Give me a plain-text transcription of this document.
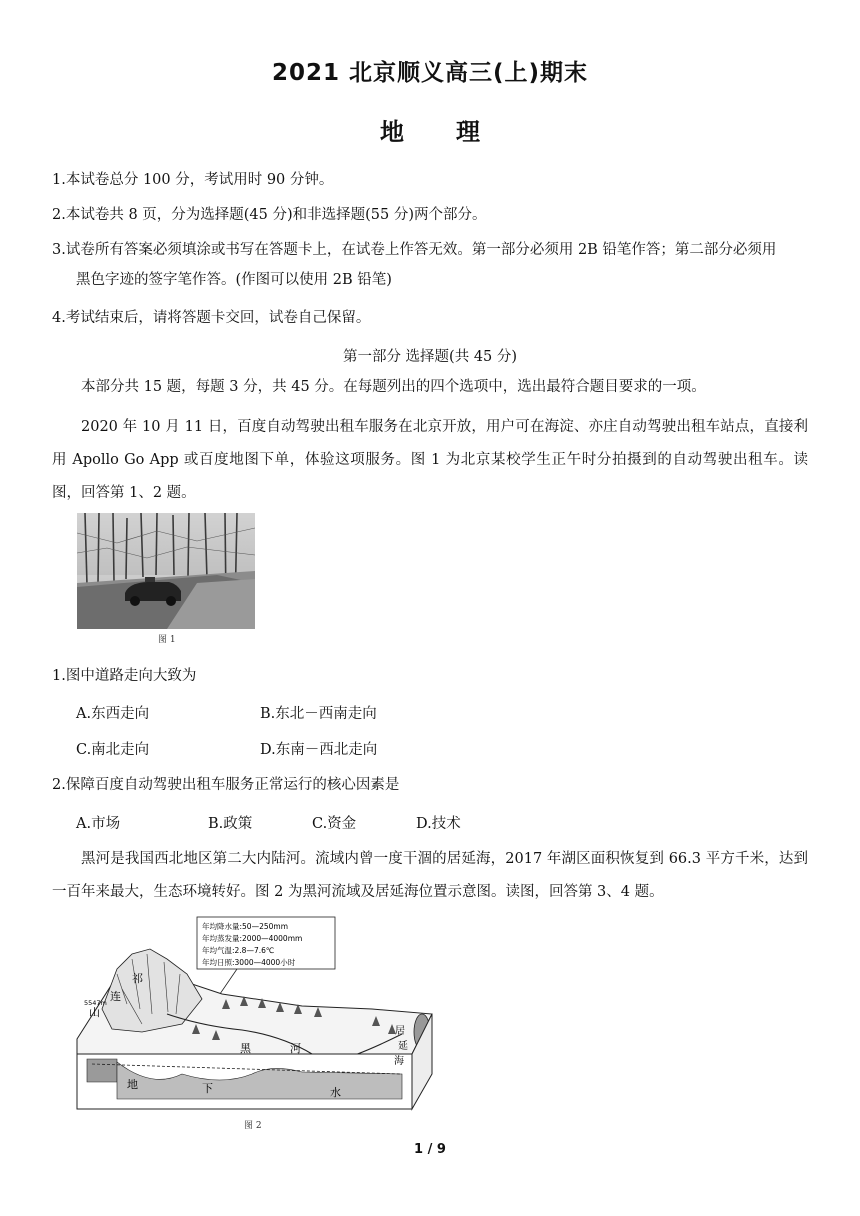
2021 北京顺义高三(上)期末
地理
1.本试卷总分 100 分，考试用时 90 分钟。
2.本试卷共 8 页，分为选择题(45 分)和非选择题(55 分)两个部分。
3.试卷所有答案必须填涂或书写在答题卡上，在试卷上作答无效。第一部分必须用 2B 铅笔作答；第二部分必须用
黑色字迹的签字笔作答。(作图可以使用 2B 铅笔)
4.考试结束后，请将答题卡交回，试卷自己保留。
第一部分 选择题(共 45 分)
本部分共 15 题，每题 3 分，共 45 分。在每题列出的四个选项中，选出最符合题目要求的一项。
2020 年 10 月 11 日，百度自动驾驶出租车服务在北京开放，用户可在海淀、亦庄自动驾驶出租车站点，直接利用 Apollo Go App 或百度地图下单，体验这项服务。图 1 为北京某校学生正午时分拍摄到的自动驾驶出租车。读图，回答第 1、2 题。
图 1
1.图中道路走向大致为
A.东西走向	B.东北－西南走向
C.南北走向	D.东南－西北走向
2.保障百度自动驾驶出租车服务正常运行的核心因素是
A.市场	B.政策	C.资金	D.技术
黑河是我国西北地区第二大内陆河。流域内曾一度干涸的居延海，2017 年湖区面积恢复到 66.3 平方千米，达到一百年来最大，生态环境转好。图 2 为黑河流域及居延海位置示意图。读图，回答第 3、4 题。
年均降水量:50—250mm
年均蒸发量:2000—4000mm
年均气温:2.8—7.6℃
年均日照:3000—4000小时
祁
连
山
5547m
黑	河
居
延
海
地	下	水
图 2
1 / 9
